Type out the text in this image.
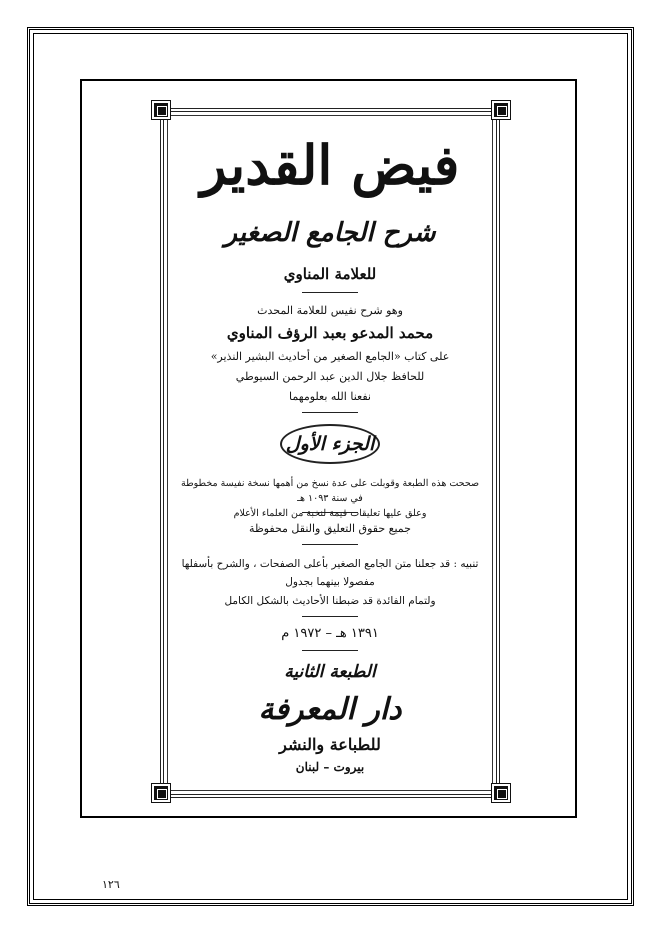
فيض القدير
شرح الجامع الصغير
للعلامة المناوي
وهو شرح نفيس للعلامة المحدث
محمد المدعو بعبد الرؤف المناوي
على كتاب «الجامع الصغير من أحاديث البشير النذير»
للحافظ جلال الدين عبد الرحمن السيوطي
نفعنا الله بعلومهما
الجزء الأول
صححت هذه الطبعة وقوبلت على عدة نسخ من أهمها نسخة نفيسة مخطوطة في سنة ١٠٩٣ هـ
وعلق عليها تعليقات قيمة لنخبة من العلماء الأعلام
جميع حقوق التعليق والنقل محفوظة
تنبيه : قد جعلنا متن الجامع الصغير بأعلى الصفحات ، والشرح بأسفلها
مفصولا بينهما بجدول
ولتمام الفائدة قد ضبطنا الأحاديث بالشكل الكامل
١٣٩١ هـ – ١٩٧٢ م
الطبعة الثانية
دار المعرفة
للطباعة والنشر
بيروت – لبنان
١٢٦
